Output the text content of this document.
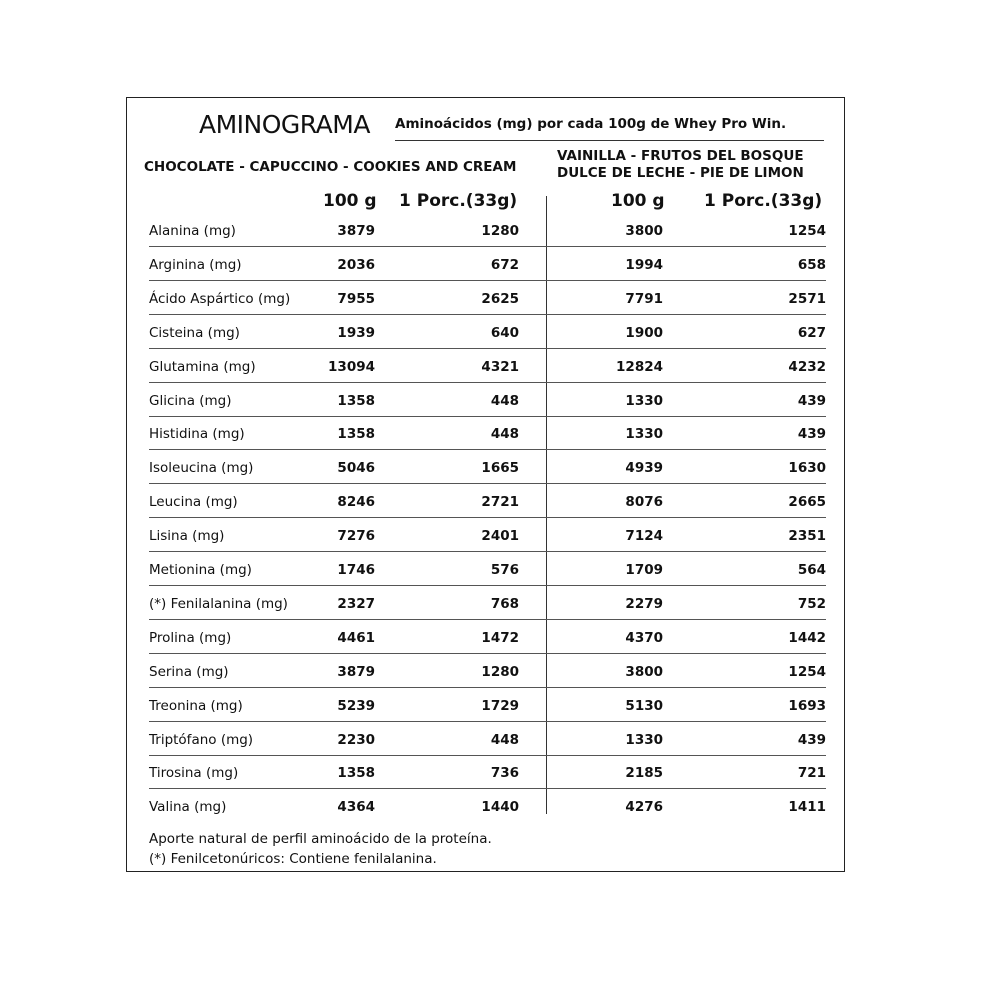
AMINOGRAMA Aminoácidos (mg) por cada 100g de Whey Pro Win.
CHOCOLATE - CAPUCCINO - COOKIES AND CREAM
VAINILLA - FRUTOS DEL BOSQUE
DULCE DE LECHE - PIE DE LIMON
100 g 1 Porc.(33g)	100 g 1 Porc.(33g)
Alanina (mg)	3879	1280	3800	1254
Arginina (mg)	2036	672	1994	658
Ácido Aspártico (mg)	7955	2625	7791	2571
Cisteina (mg)	1939	640	1900	627
Glutamina (mg)	13094	4321	12824	4232
Glicina (mg)	1358	448	1330	439
Histidina (mg)	1358	448	1330	439
Isoleucina (mg)	5046	1665	4939	1630
Leucina (mg)	8246	2721	8076	2665
Lisina (mg)	7276	2401	7124	2351
Metionina (mg)	1746	576	1709	564
(*) Fenilalanina (mg)	2327	768	2279	752
Prolina (mg)	4461	1472	4370	1442
Serina (mg)	3879	1280	3800	1254
Treonina (mg)	5239	1729	5130	1693
Triptófano (mg)	2230	448	1330	439
Tirosina (mg)	1358	736	2185	721
Valina (mg)	4364	1440	4276	1411
Aporte natural de perfil aminoácido de la proteína.
(*) Fenilcetonúricos: Contiene fenilalanina.
